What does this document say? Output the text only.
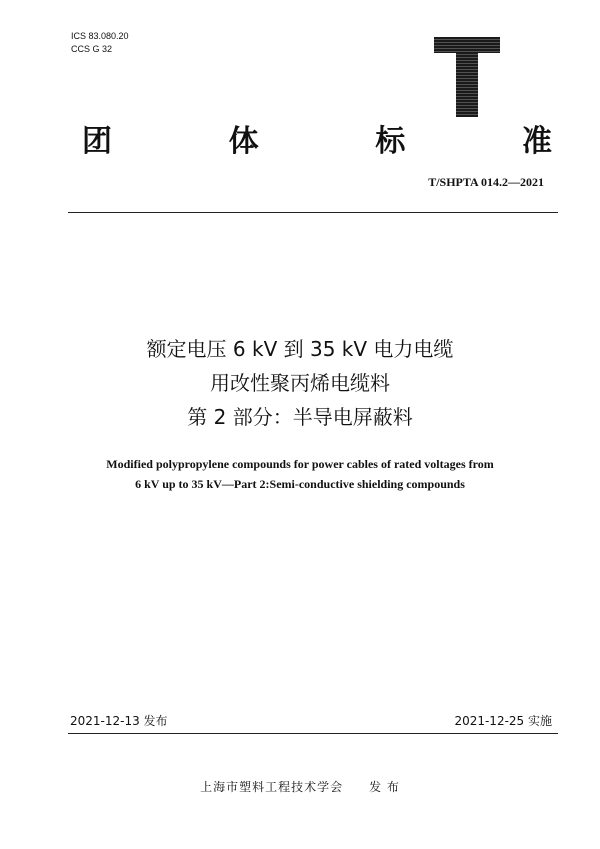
ICS 83.080.20
CCS G 32
团	体	标	准
T/SHPTA 014.2—2021
额定电压 6 kV 到 35 kV 电力电缆
用改性聚丙烯电缆料
第 2 部分：半导电屏蔽料
Modified polypropylene compounds for power cables of rated voltages from
6 kV up to 35 kV—Part 2:Semi-conductive shielding compounds
2021-12-13 发布	2021-12-25 实施
上海市塑料工程技术学会 发 布
